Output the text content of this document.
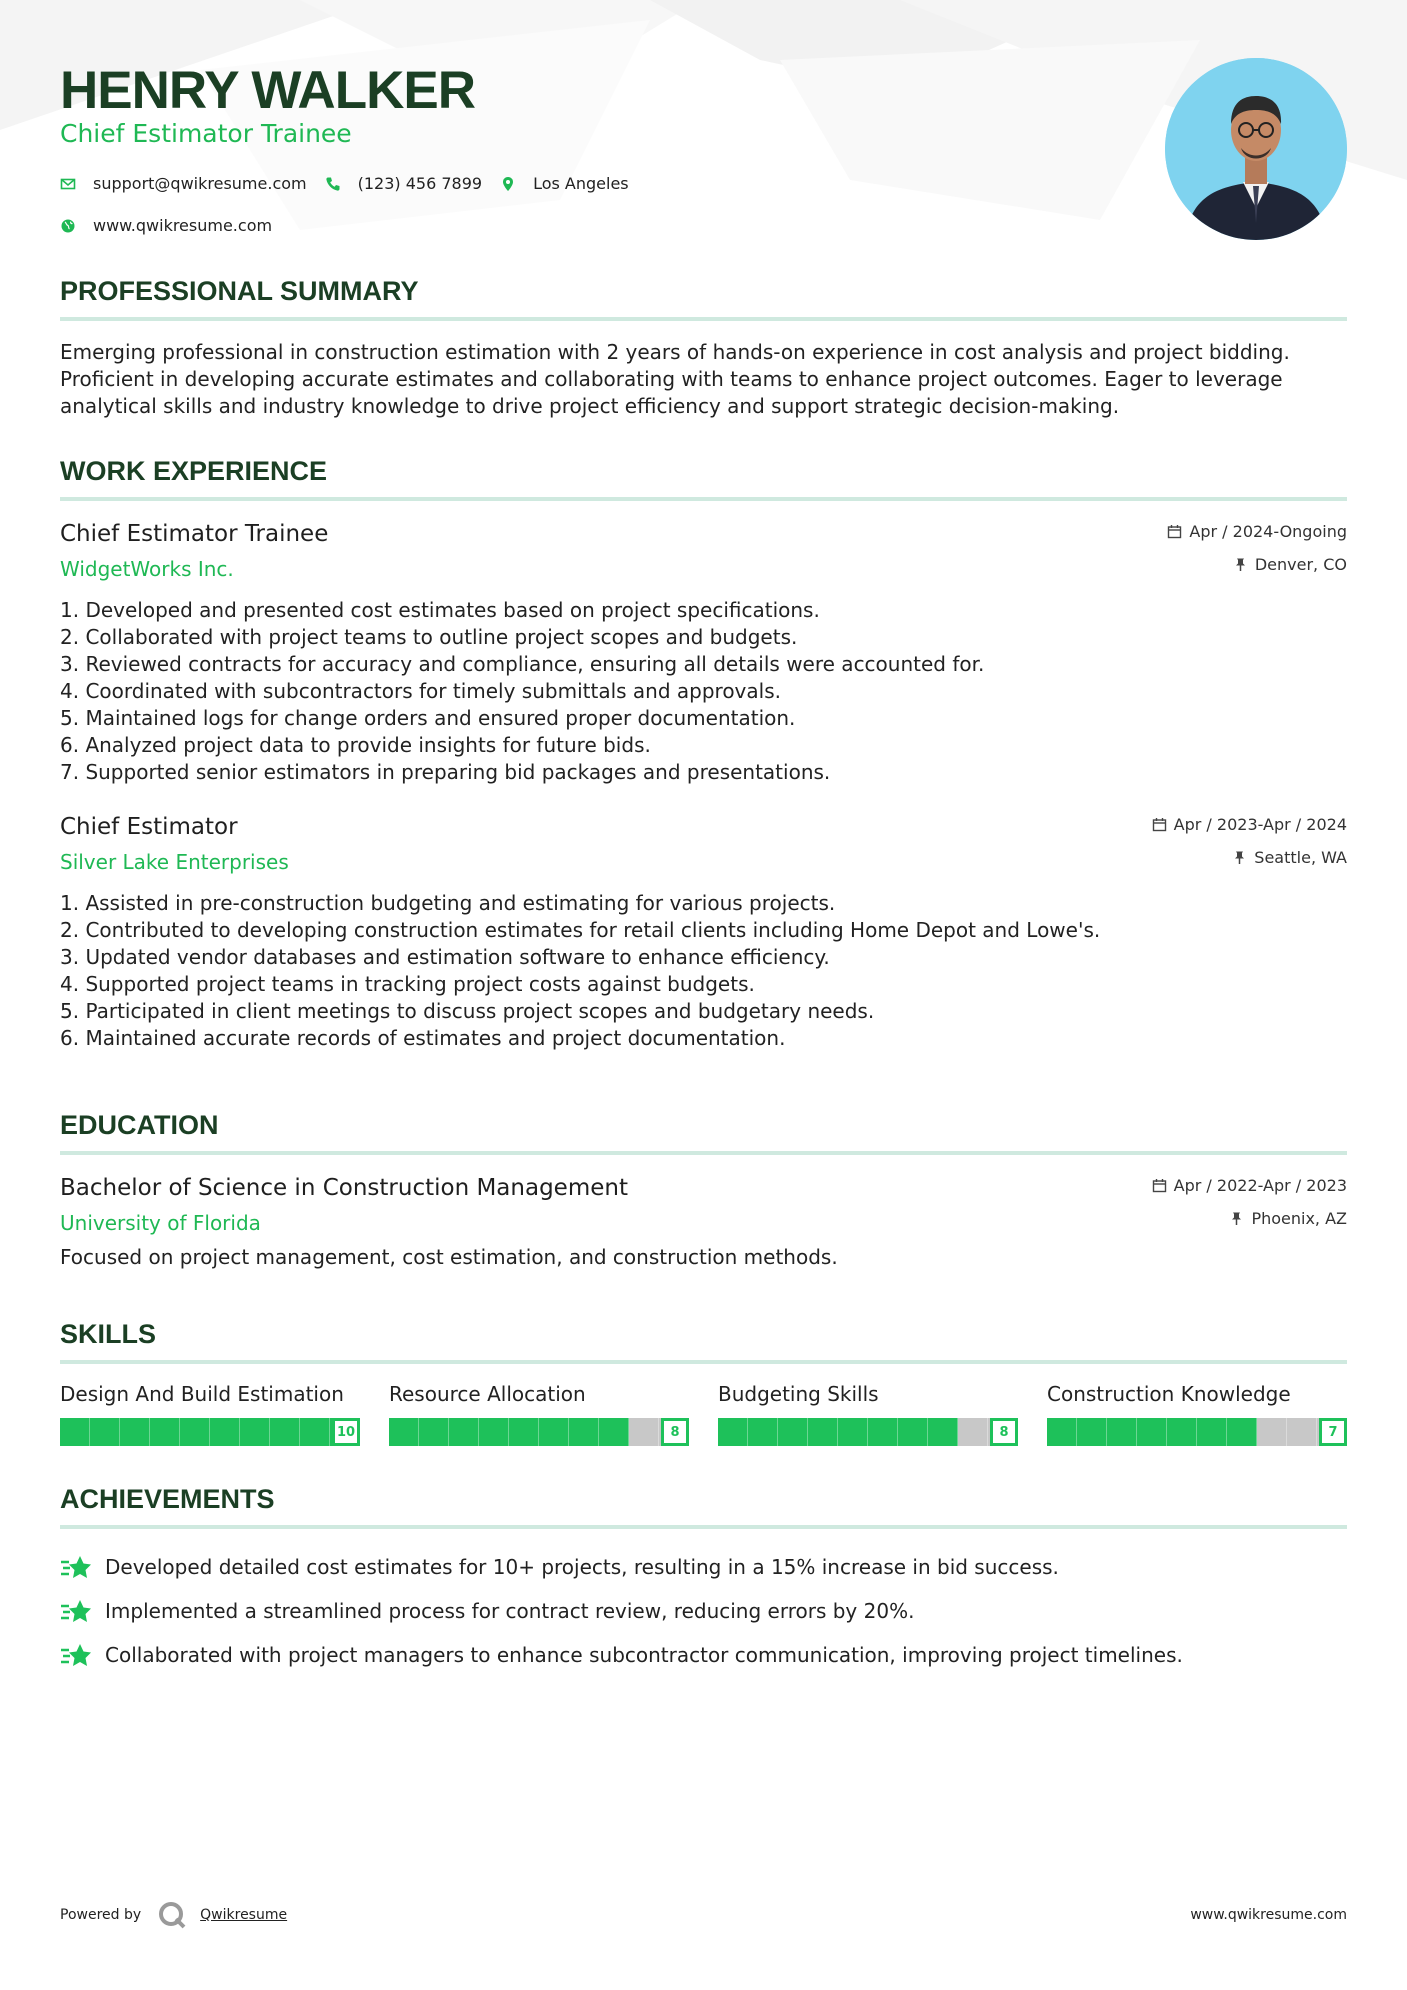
HENRY WALKER
Chief Estimator Trainee
support@qwikresume.com	(123) 456 7899	Los Angeles
www.qwikresume.com
PROFESSIONAL SUMMARY

Emerging professional in construction estimation with 2 years of hands-on experience in cost analysis and project bidding. Proficient in developing accurate estimates and collaborating with teams to enhance project outcomes. Eager to leverage analytical skills and industry knowledge to drive project efficiency and support strategic decision-making.

WORK EXPERIENCE
Chief Estimator Trainee
WidgetWorks Inc.
Apr / 2024-Ongoing
Denver, CO
1. Developed and presented cost estimates based on project specifications.
2. Collaborated with project teams to outline project scopes and budgets.
3. Reviewed contracts for accuracy and compliance, ensuring all details were accounted for.
4. Coordinated with subcontractors for timely submittals and approvals.
5. Maintained logs for change orders and ensured proper documentation.
6. Analyzed project data to provide insights for future bids.
7. Supported senior estimators in preparing bid packages and presentations.
Chief Estimator
Silver Lake Enterprises
Apr / 2023-Apr / 2024
Seattle, WA
1. Assisted in pre-construction budgeting and estimating for various projects.
2. Contributed to developing construction estimates for retail clients including Home Depot and Lowe's.
3. Updated vendor databases and estimation software to enhance efficiency.
4. Supported project teams in tracking project costs against budgets.
5. Participated in client meetings to discuss project scopes and budgetary needs.
6. Maintained accurate records of estimates and project documentation.
EDUCATION
Bachelor of Science in Construction Management
University of Florida
Apr / 2022-Apr / 2023
Phoenix, AZ

Focused on project management, cost estimation, and construction methods.

SKILLS
Design And Build Estimation
10
Resource Allocation
8
Budgeting Skills
8
Construction Knowledge
7
ACHIEVEMENTS
Developed detailed cost estimates for 10+ projects, resulting in a 15% increase in bid success.
Implemented a streamlined process for contract review, reducing errors by 20%.
Collaborated with project managers to enhance subcontractor communication, improving project timelines.
Powered by	Qwikresume	www.qwikresume.com
